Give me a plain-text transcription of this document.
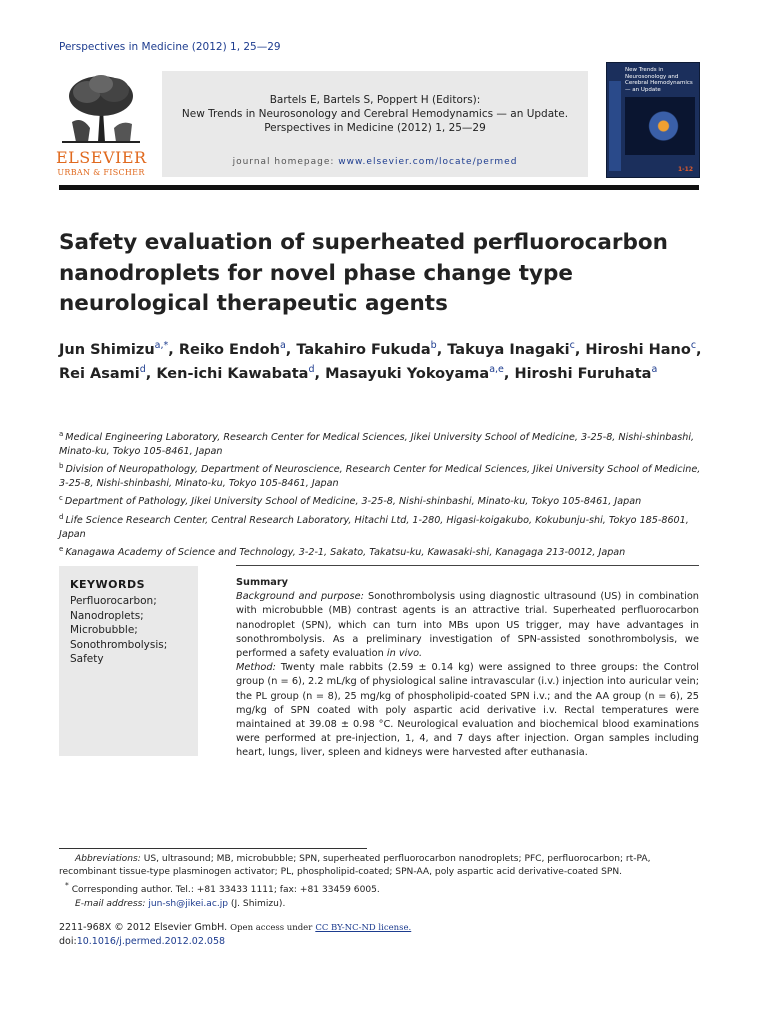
Perspectives in Medicine (2012) 1, 25—29
ELSEVIER
URBAN & FISCHER
Bartels E, Bartels S, Poppert H (Editors):
New Trends in Neurosonology and Cerebral Hemodynamics — an Update.
Perspectives in Medicine (2012) 1, 25—29
journal homepage: www.elsevier.com/locate/permed
New Trends in Neurosonology and Cerebral Hemodynamics — an Update
1-12
Safety evaluation of superheated perfluorocarbon nanodroplets for novel phase change type neurological therapeutic agents
Jun Shimizu$^{a,*}$, Reiko Endoh$^a$, Takahiro Fukuda$^b$, Takuya Inagaki$^c$, Hiroshi Hano$^c$, Rei Asami$^d$, Ken-ichi Kawabata$^d$, Masayuki Yokoyama$^{a,e}$, Hiroshi Furuhata$^a$
$^a$ Medical Engineering Laboratory, Research Center for Medical Sciences, Jikei University School of Medicine, 3-25-8, Nishi-shinbashi, Minato-ku, Tokyo 105-8461, Japan
$^b$ Division of Neuropathology, Department of Neuroscience, Research Center for Medical Sciences, Jikei University School of Medicine, 3-25-8, Nishi-shinbashi, Minato-ku, Tokyo 105-8461, Japan
$^c$ Department of Pathology, Jikei University School of Medicine, 3-25-8, Nishi-shinbashi, Minato-ku, Tokyo 105-8461, Japan
$^d$ Life Science Research Center, Central Research Laboratory, Hitachi Ltd, 1-280, Higasi-koigakubo, Kokubunju-shi, Tokyo 185-8601, Japan
$^e$ Kanagawa Academy of Science and Technology, 3-2-1, Sakato, Takatsu-ku, Kawasaki-shi, Kanagaga 213-0012, Japan
KEYWORDS
Perfluorocarbon;
Nanodroplets;
Microbubble;
Sonothrombolysis;
Safety
Summary
Background and purpose: Sonothrombolysis using diagnostic ultrasound (US) in combination with microbubble (MB) contrast agents is an attractive trial. Superheated perfluorocarbon nanodroplet (SPN), which can turn into MBs upon US trigger, may have advantages in sonothrombolysis. As a preliminary investigation of SPN-assisted sonothrombolysis, we performed a safety evaluation in vivo.
Method: Twenty male rabbits (2.59 ± 0.14 kg) were assigned to three groups: the Control group (n = 6), 2.2 mL/kg of physiological saline intravascular (i.v.) injection into auricular vein; the PL group (n = 8), 25 mg/kg of phospholipid-coated SPN i.v.; and the AA group (n = 6), 25 mg/kg of SPN coated with poly aspartic acid derivative i.v. Rectal temperatures were maintained at 39.08 ± 0.98 °C. Neurological evaluation and biochemical blood examinations were performed at pre-injection, 1, 4, and 7 days after injection. Organ samples including heart, lungs, liver, spleen and kidneys were harvested after euthanasia.
Abbreviations: US, ultrasound; MB, microbubble; SPN, superheated perfluorocarbon nanodroplets; PFC, perfluorocarbon; rt-PA, recombinant tissue-type plasminogen activator; PL, phospholipid-coated; SPN-AA, poly aspartic acid derivative-coated SPN.
* Corresponding author. Tel.: +81 33433 1111; fax: +81 33459 6005.
E-mail address: jun-sh@jikei.ac.jp (J. Shimizu).
2211-968X © 2012 Elsevier GmbH. Open access under CC BY-NC-ND license.
doi:10.1016/j.permed.2012.02.058
